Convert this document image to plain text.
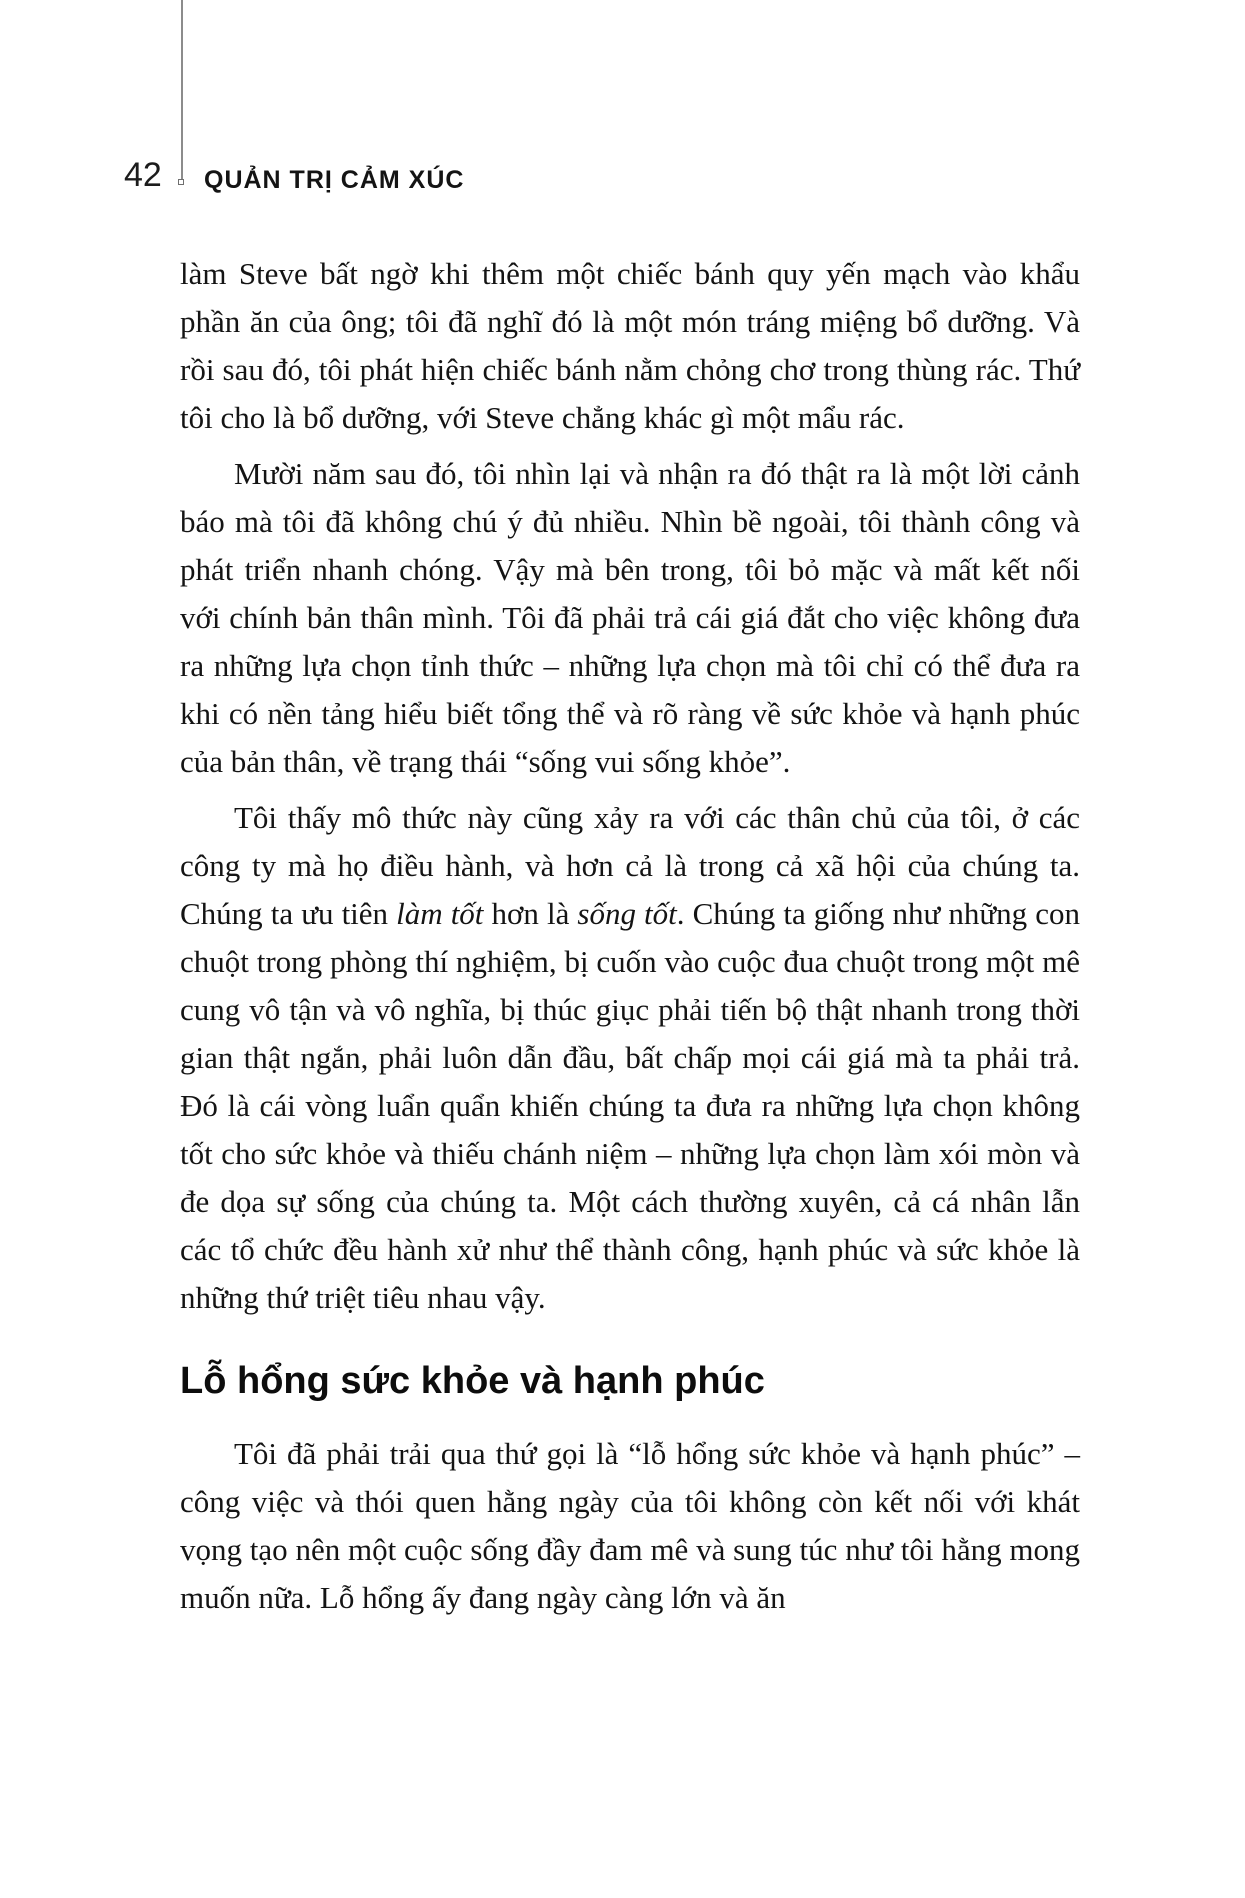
42 QUẢN TRỊ CẢM XÚC

làm Steve bất ngờ khi thêm một chiếc bánh quy yến mạch vào khẩu phần ăn của ông; tôi đã nghĩ đó là một món tráng miệng bổ dưỡng. Và rồi sau đó, tôi phát hiện chiếc bánh nằm chỏng chơ trong thùng rác. Thứ tôi cho là bổ dưỡng, với Steve chẳng khác gì một mẩu rác.

Mười năm sau đó, tôi nhìn lại và nhận ra đó thật ra là một lời cảnh báo mà tôi đã không chú ý đủ nhiều. Nhìn bề ngoài, tôi thành công và phát triển nhanh chóng. Vậy mà bên trong, tôi bỏ mặc và mất kết nối với chính bản thân mình. Tôi đã phải trả cái giá đắt cho việc không đưa ra những lựa chọn tỉnh thức – những lựa chọn mà tôi chỉ có thể đưa ra khi có nền tảng hiểu biết tổng thể và rõ ràng về sức khỏe và hạnh phúc của bản thân, về trạng thái “sống vui sống khỏe”.

Tôi thấy mô thức này cũng xảy ra với các thân chủ của tôi, ở các công ty mà họ điều hành, và hơn cả là trong cả xã hội của chúng ta. Chúng ta ưu tiên làm tốt hơn là sống tốt. Chúng ta giống như những con chuột trong phòng thí nghiệm, bị cuốn vào cuộc đua chuột trong một mê cung vô tận và vô nghĩa, bị thúc giục phải tiến bộ thật nhanh trong thời gian thật ngắn, phải luôn dẫn đầu, bất chấp mọi cái giá mà ta phải trả. Đó là cái vòng luẩn quẩn khiến chúng ta đưa ra những lựa chọn không tốt cho sức khỏe và thiếu chánh niệm – những lựa chọn làm xói mòn và đe dọa sự sống của chúng ta. Một cách thường xuyên, cả cá nhân lẫn các tổ chức đều hành xử như thể thành công, hạnh phúc và sức khỏe là những thứ triệt tiêu nhau vậy.

Lỗ hổng sức khỏe và hạnh phúc

Tôi đã phải trải qua thứ gọi là “lỗ hổng sức khỏe và hạnh phúc” – công việc và thói quen hằng ngày của tôi không còn kết nối với khát vọng tạo nên một cuộc sống đầy đam mê và sung túc như tôi hằng mong muốn nữa. Lỗ hổng ấy đang ngày càng lớn và ăn
